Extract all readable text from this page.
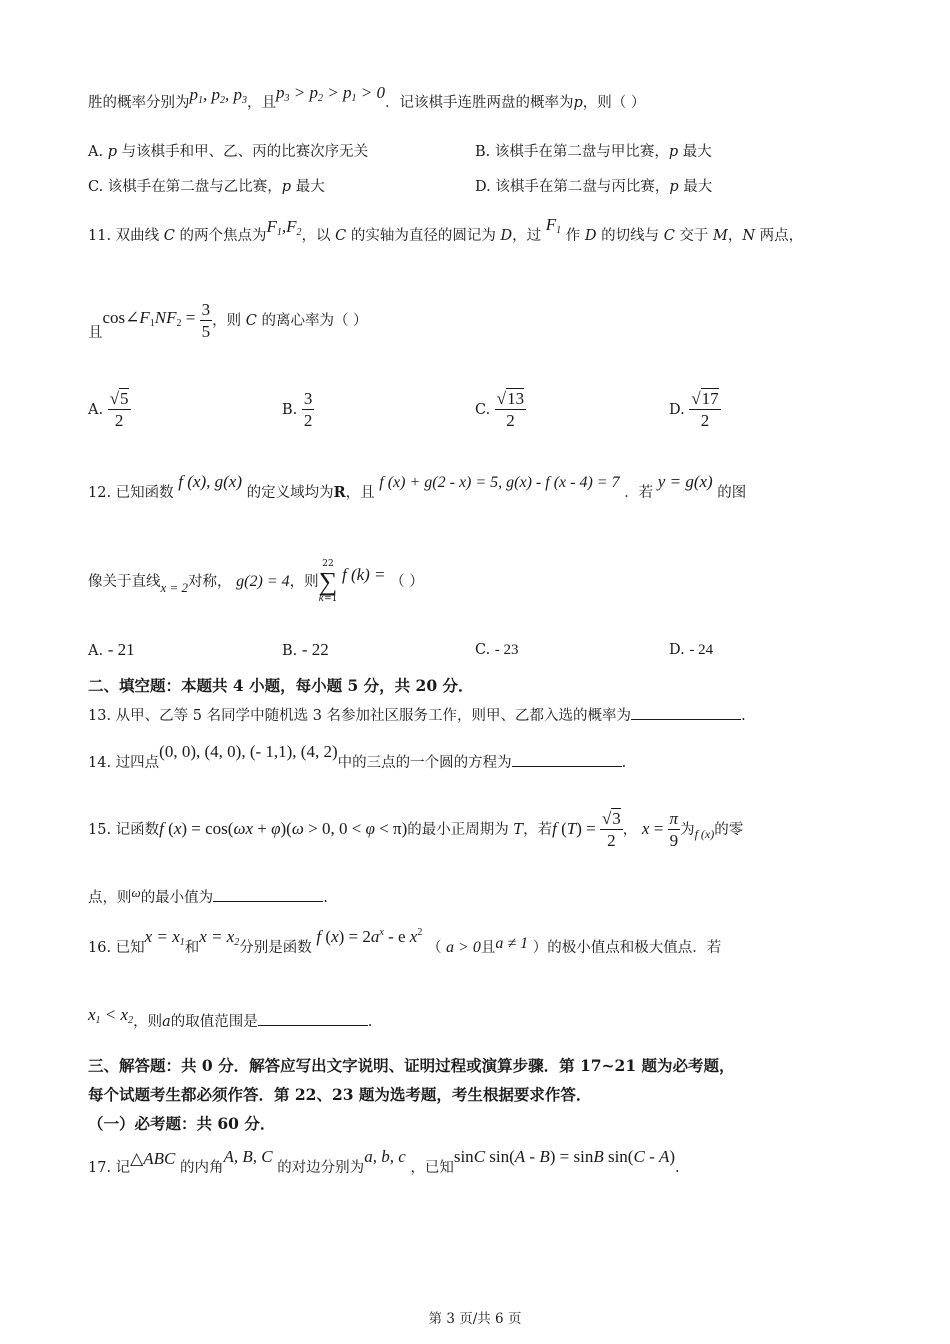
胜的概率分别为$p_1$, $p_2$, $p_3$，且$p_3 > p_2 > p_1 > 0$．记该棋手连胜两盘的概率为p，则（ ）
A. p 与该棋手和甲、乙、丙的比赛次序无关	B. 该棋手在第二盘与甲比赛，p 最大
C. 该棋手在第二盘与乙比赛，p 最大	D. 该棋手在第二盘与丙比赛，p 最大
11. 双曲线 C 的两个焦点为$F_1,F_2$，以 C 的实轴为直径的圆记为 D，过 $F_1$ 作 D 的切线与 C 交于 M，N 两点，
且$\cos\angle F_1NF_2 = \frac{3}{5}$ ，则 C 的离心率为（ ）
A. $\frac{√5}{2}$	B. $\frac{3}{2}$	C. $\frac{√13}{2}$	D. $\frac{√17}{2}$
12. 已知函数 f (x), g(x) 的定义域均为R，且 f (x) + g(2 - x) = 5, g(x) - f (x - 4) = 7 ．若 y = g(x) 的图
像关于直线x = 2对称， g(2) = 4，则
22
∑
k=1
f (k) = （ ）
A. - 21	B. - 22	C. - 23	D. - 24
二、填空题：本题共 4 小题，每小题 5 分，共 20 分．
13. 从甲、乙等 5 名同学中随机选 3 名参加社区服务工作，则甲、乙都入选的概率为	.
14. 过四点(0, 0), (4, 0), (- 1,1), (4, 2)中的三点的一个圆的方程为	.
15. 记函数f (x) = cos(ωx + φ)(ω > 0, 0 < φ < π)的最小正周期为 T，若f $(T) = \frac{√3}{2}$ ， $x = \frac{\pi}{9}$ 为$_{f (x)}$的零
点，则ω的最小值为	.
16. 已知$x = x_1$和$x = x_2$分别是函数 f $(x) = 2a^x - e$ $x^2$ （ a > 0且a ≠ 1 ）的极小值点和极大值点．若
$x_1 < x_2$，则a的取值范围是	.
三、解答题：共 0 分．解答应写出文字说明、证明过程或演算步骤．第 17~21 题为必考题，
每个试题考生都必须作答．第 22、23 题为选考题，考生根据要求作答．
（一）必考题：共 60 分．
17. 记△ABC 的内角A, B, C 的对边分别为a, b, c ，已知sinC sin(A - B) = sinB sin(C - A).
第 3 页/共 6 页
